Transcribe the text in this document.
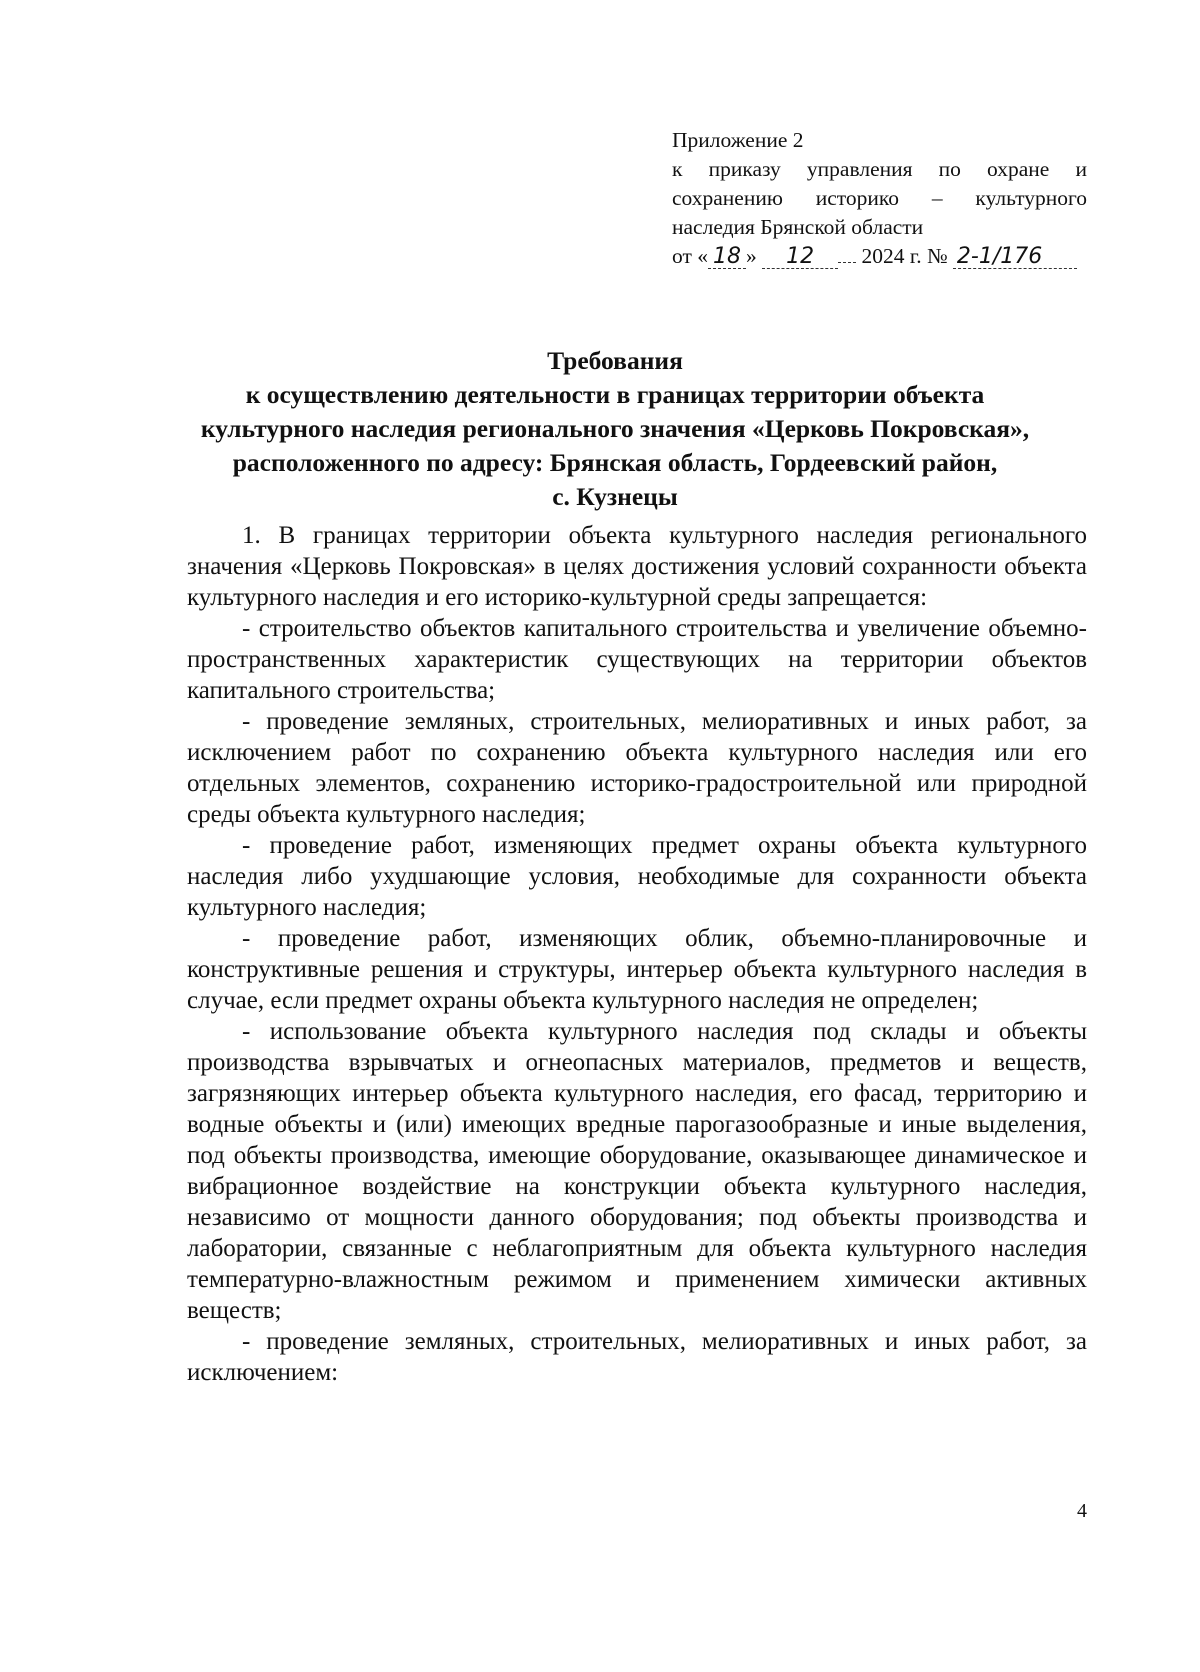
Приложение 2

к приказу управления по охране и сохранению историко – культурного наследия Брянской области

от « 18 » 12 2024 г. № 2-1/176

Требования

к осуществлению деятельности в границах территории объекта

культурного наследия регионального значения «Церковь Покровская»,

расположенного по адресу: Брянская область, Гордеевский район,

с. Кузнецы

1. В границах территории объекта культурного наследия регионального значения «Церковь Покровская» в целях достижения условий сохранности объекта культурного наследия и его историко-культурной среды запрещается:

- строительство объектов капитального строительства и увеличение объемно-пространственных характеристик существующих на территории объектов капитального строительства;

- проведение земляных, строительных, мелиоративных и иных работ, за исключением работ по сохранению объекта культурного наследия или его отдельных элементов, сохранению историко-градостроительной или природной среды объекта культурного наследия;

- проведение работ, изменяющих предмет охраны объекта культурного наследия либо ухудшающие условия, необходимые для сохранности объекта культурного наследия;

- проведение работ, изменяющих облик, объемно-планировочные и конструктивные решения и структуры, интерьер объекта культурного наследия в случае, если предмет охраны объекта культурного наследия не определен;

- использование объекта культурного наследия под склады и объекты производства взрывчатых и огнеопасных материалов, предметов и веществ, загрязняющих интерьер объекта культурного наследия, его фасад, территорию и водные объекты и (или) имеющих вредные парогазообразные и иные выделения, под объекты производства, имеющие оборудование, оказывающее динамическое и вибрационное воздействие на конструкции объекта культурного наследия, независимо от мощности данного оборудования; под объекты производства и лаборатории, связанные с неблагоприятным для объекта культурного наследия температурно-влажностным режимом и применением химически активных веществ;

- проведение земляных, строительных, мелиоративных и иных работ, за исключением:

4
